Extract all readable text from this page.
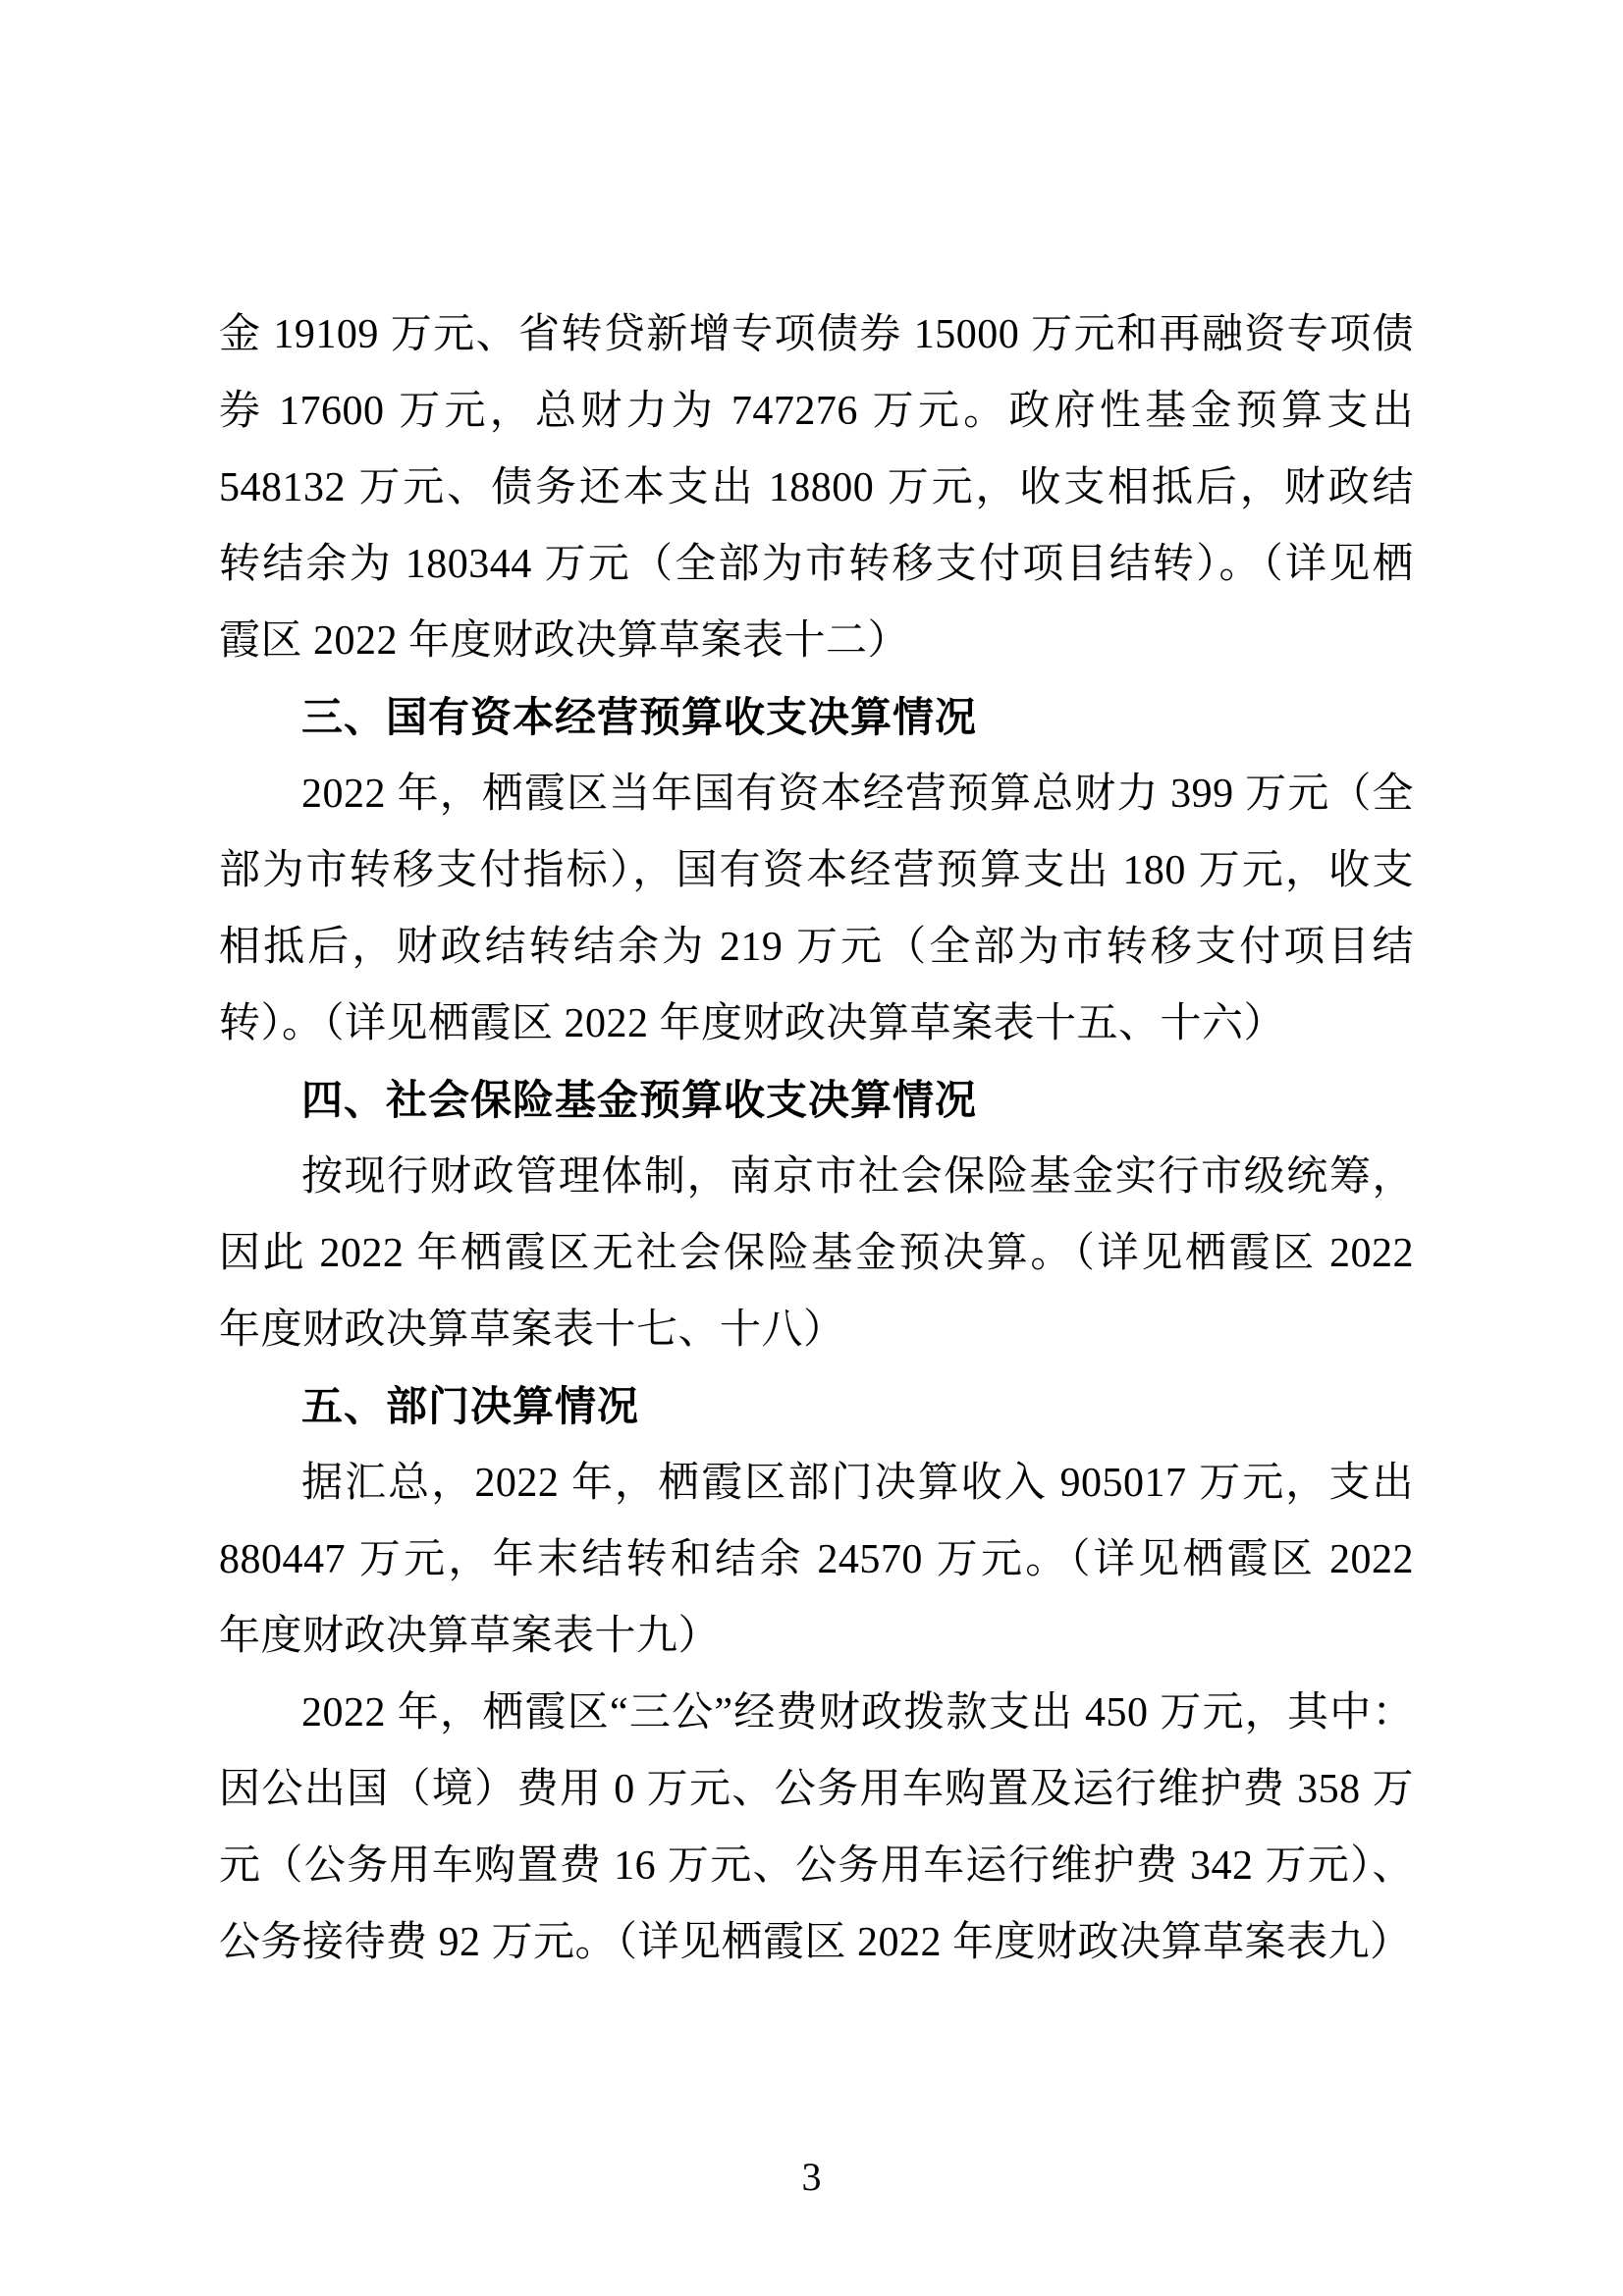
金 19109 万元、省转贷新增专项债券 15000 万元和再融资专项债
券 17600 万元，总财力为 747276 万元。政府性基金预算支出
548132 万元、债务还本支出 18800 万元，收支相抵后，财政结
转结余为 180344 万元（全部为市转移支付项目结转）。（详见栖
霞区 2022 年度财政决算草案表十二）
三、国有资本经营预算收支决算情况
2022 年，栖霞区当年国有资本经营预算总财力 399 万元（全
部为市转移支付指标），国有资本经营预算支出 180 万元，收支
相抵后，财政结转结余为 219 万元（全部为市转移支付项目结
转）。（详见栖霞区 2022 年度财政决算草案表十五、十六）
四、社会保险基金预算收支决算情况
按现行财政管理体制，南京市社会保险基金实行市级统筹，
因此 2022 年栖霞区无社会保险基金预决算。（详见栖霞区 2022
年度财政决算草案表十七、十八）
五、部门决算情况
据汇总，2022 年，栖霞区部门决算收入 905017 万元，支出
880447 万元，年末结转和结余 24570 万元。（详见栖霞区 2022
年度财政决算草案表十九）
2022 年，栖霞区“三公”经费财政拨款支出 450 万元，其中：
因公出国（境）费用 0 万元、公务用车购置及运行维护费 358 万
元（公务用车购置费 16 万元、公务用车运行维护费 342 万元）、
公务接待费 92 万元。（详见栖霞区 2022 年度财政决算草案表九）
3
